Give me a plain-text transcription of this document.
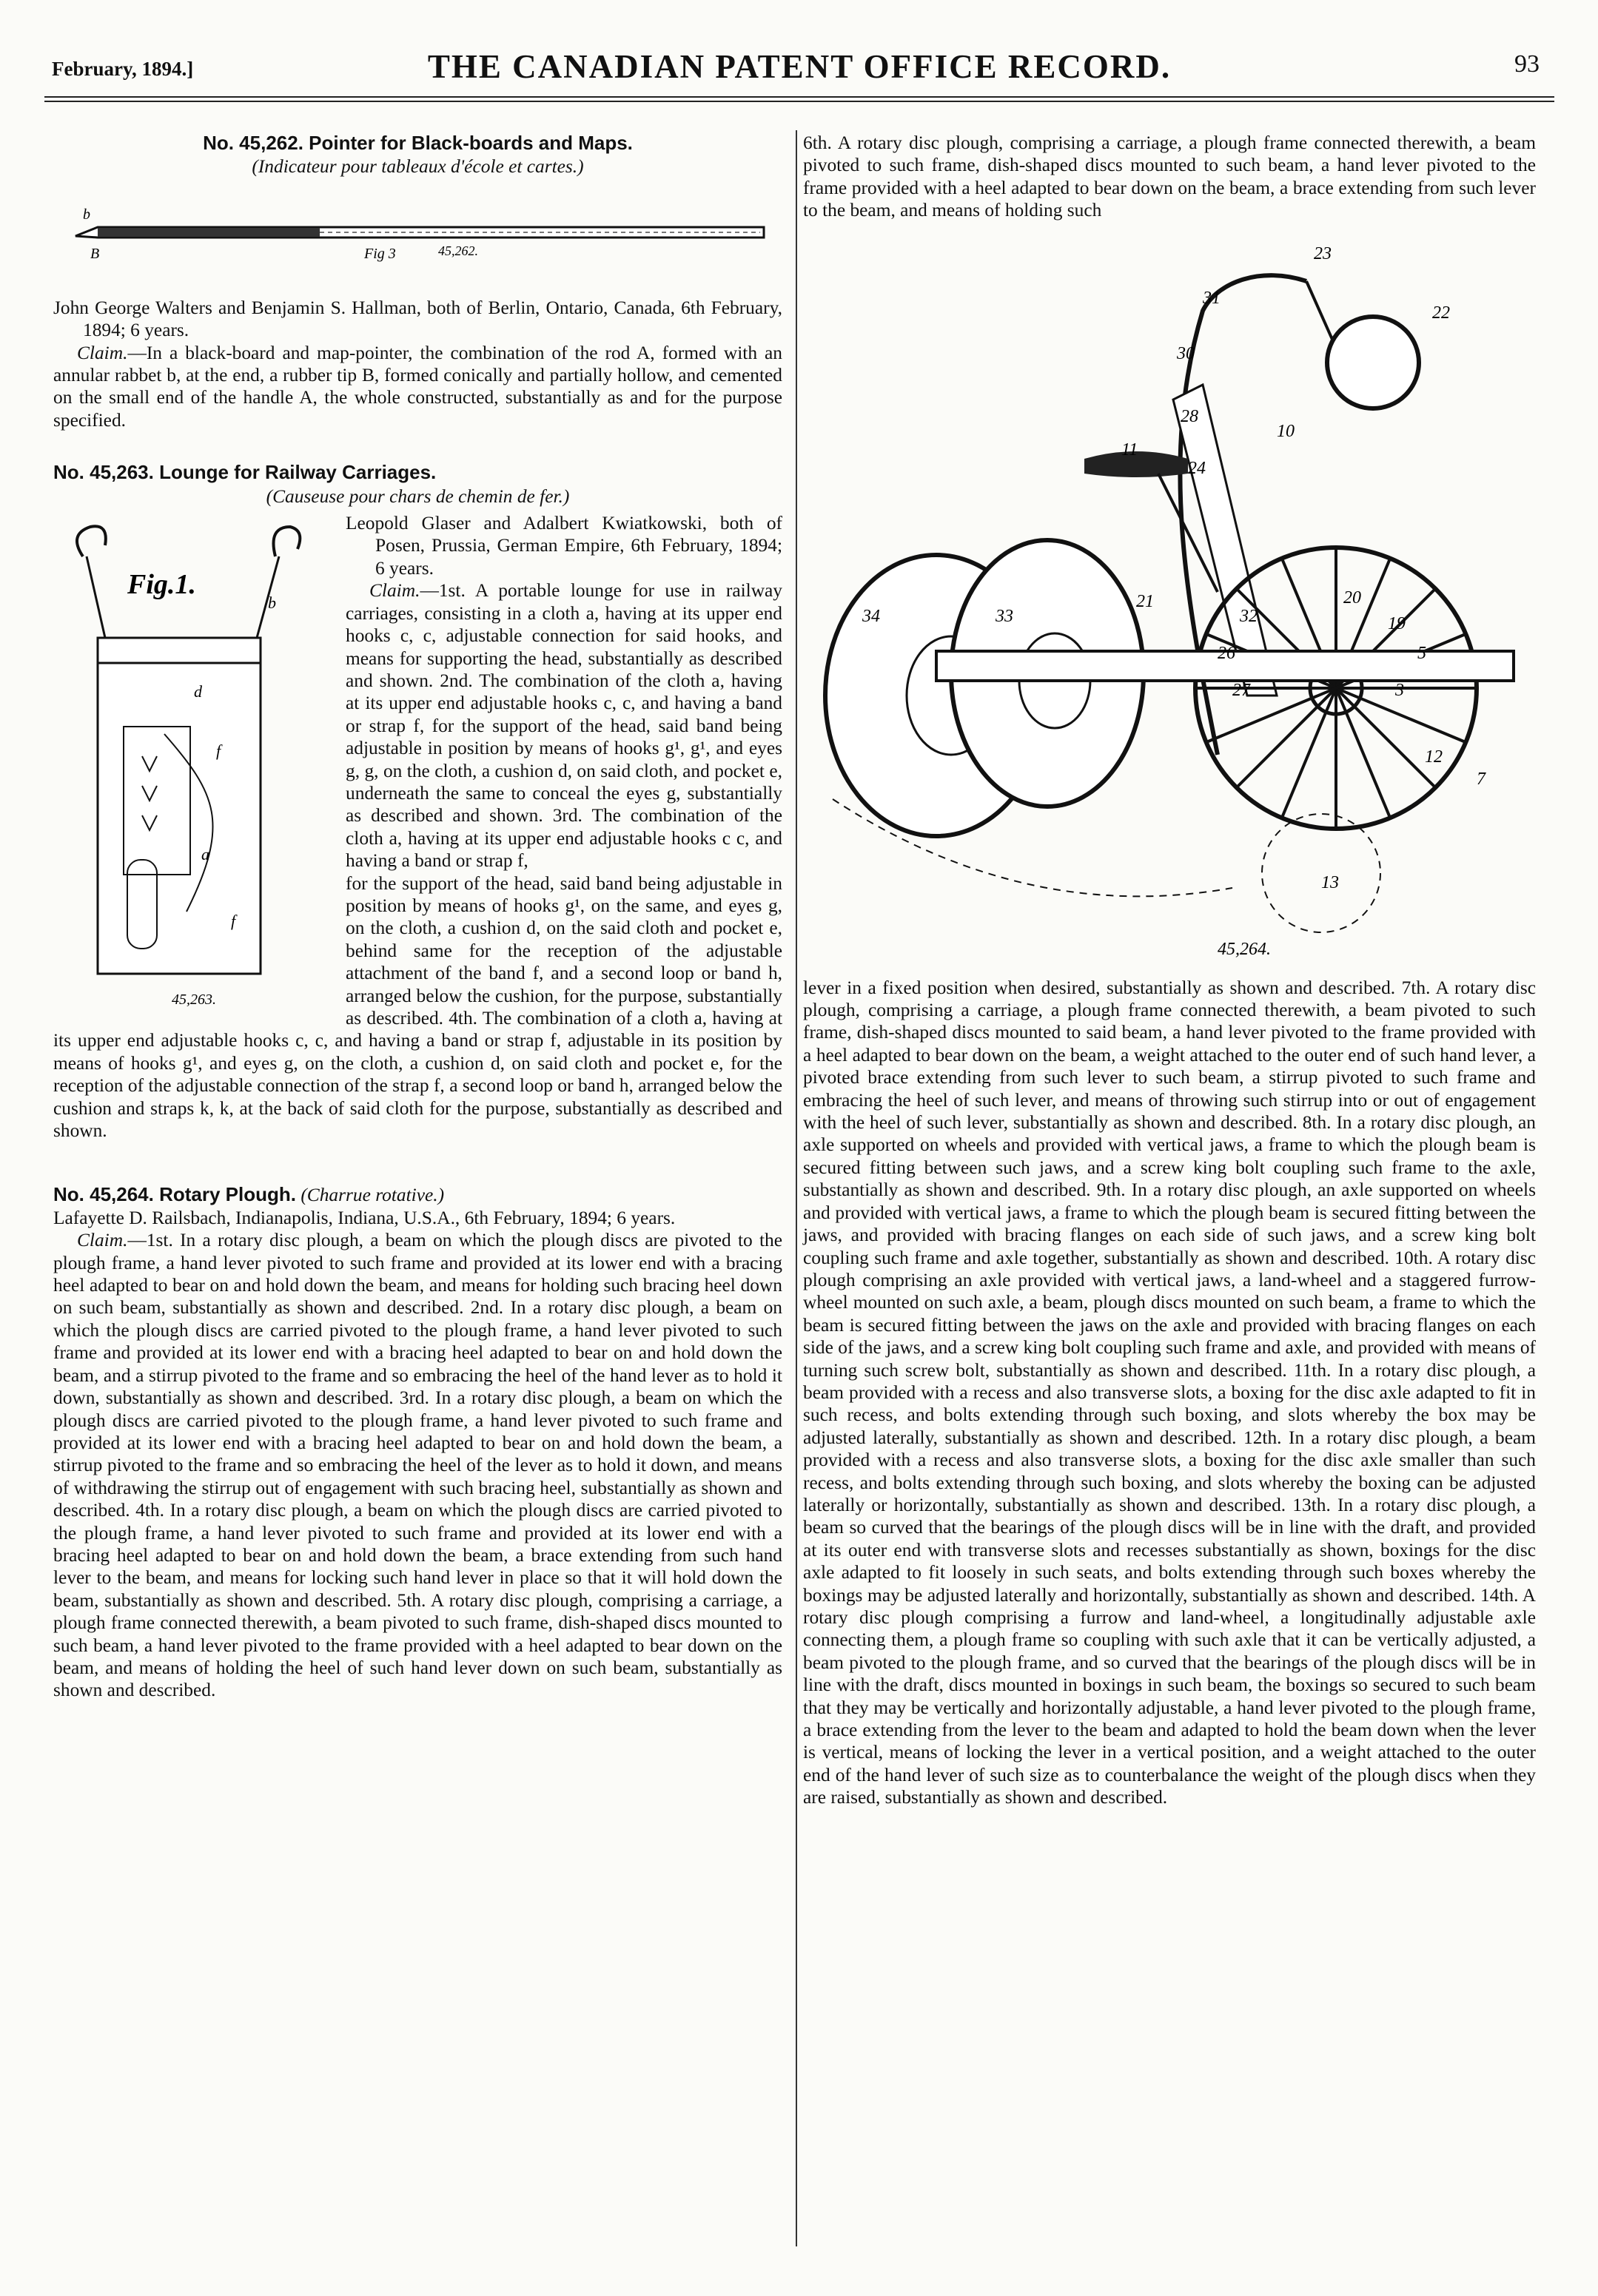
February, 1894.]	THE CANADIAN PATENT OFFICE RECORD.	93
No. 45,262. Pointer for Black-boards and Maps.
(Indicateur pour tableaux d'école et cartes.)
b
B	Fig 3	45,262.
John George Walters and Benjamin S. Hallman, both of Berlin, Ontario, Canada, 6th February, 1894; 6 years.

Claim.—In a black-board and map-pointer, the combination of the rod A, formed with an annular rabbet b, at the end, a rubber tip B, formed conically and partially hollow, and cemented on the small end of the handle A, the whole constructed, substantially as and for the purpose specified.

No. 45,263. Lounge for Railway Carriages.
(Causeuse pour chars de chemin de fer.)
Fig.1.
b
d
f
a
f
45,263.
Leopold Glaser and Adalbert Kwiatkowski, both of Posen, Prussia, German Empire, 6th February, 1894; 6 years.

Claim.—1st. A portable lounge for use in railway carriages, consisting in a cloth a, having at its upper end hooks c, c, adjustable connection for said hooks, and means for supporting the head, substantially as described and shown. 2nd. The combination of the cloth a, having at its upper end adjustable hooks c, c, and having a band or strap f, for the support of the head, said band being adjustable in position by means of hooks g¹, g¹, and eyes g, g, on the cloth, a cushion d, on said cloth, and pocket e, underneath the same to conceal the eyes g, substantially as described and shown. 3rd. The combination of the cloth a, having at its upper end adjustable hooks c c, and having a band or strap f,

for the support of the head, said band being adjustable in position by means of hooks g¹, on the same, and eyes g, on the cloth, a cushion d, on the said cloth and pocket e, behind same for the reception of the adjustable attachment of the band f, and a second loop or band h, arranged below the cushion, for the purpose, substantially as described. 4th. The combination of a cloth a, having at its upper end adjustable hooks c, c, and having a band or strap f, adjustable in its position by means of hooks g¹, and eyes g, on the cloth, a cushion d, on said cloth and pocket e, for the reception of the adjustable connection of the strap f, a second loop or band h, arranged below the cushion and straps k, k, at the back of said cloth for the purpose, substantially as described and shown.
No. 45,264. Rotary Plough. (Charrue rotative.)
Lafayette D. Railsbach, Indianapolis, Indiana, U.S.A., 6th February, 1894; 6 years.

Claim.—1st. In a rotary disc plough, a beam on which the plough discs are pivoted to the plough frame, a hand lever pivoted to such frame and provided at its lower end with a bracing heel adapted to bear on and hold down the beam, and means for holding such bracing heel down on such beam, substantially as shown and described. 2nd. In a rotary disc plough, a beam on which the plough discs are carried pivoted to the plough frame, a hand lever pivoted to such frame and provided at its lower end with a bracing heel adapted to bear on and hold down the beam, and a stirrup pivoted to the frame and so embracing the heel of the hand lever as to hold it down, substantially as shown and described. 3rd. In a rotary disc plough, a beam on which the plough discs are carried pivoted to the plough frame, a hand lever pivoted to such frame and provided at its lower end with a bracing heel adapted to bear on and hold down the beam, a stirrup pivoted to the frame and so embracing the heel of the lever as to hold it down, and means of withdrawing the stirrup out of engagement with such bracing heel, substantially as shown and described. 4th. In a rotary disc plough, a beam on which the plough discs are carried pivoted to the plough frame, a hand lever pivoted to such frame and provided at its lower end with a bracing heel adapted to bear on and hold down the beam, a brace extending from such hand lever to the beam, and means for locking such hand lever in place so that it will hold down the beam, substantially as shown and described. 5th. A rotary disc plough, comprising a carriage, a plough frame connected therewith, a beam pivoted to such frame, dish-shaped discs mounted to such beam, a hand lever pivoted to the frame provided with a heel adapted to bear down on the beam, and means of holding the heel of such hand lever down on such beam, substantially as shown and described.

6th. A rotary disc plough, comprising a carriage, a plough frame connected therewith, a beam pivoted to such frame, dish-shaped discs mounted to such beam, a hand lever pivoted to the frame provided with a heel adapted to bear down on the beam, a brace extending from such lever to the beam, and means of holding such
23
31
22
30
28
10
11
24
21	20
32	19
34	33
26	5
27	3
12
7
13
45,264.
lever in a fixed position when desired, substantially as shown and described. 7th. A rotary disc plough, comprising a carriage, a plough frame connected therewith, a beam pivoted to such frame, dish-shaped discs mounted to said beam, a hand lever pivoted to the frame provided with a heel adapted to bear down on the beam, a weight attached to the outer end of such hand lever, a pivoted brace extending from such lever to such beam, a stirrup pivoted to such frame and embracing the heel of such lever, and means of throwing such stirrup into or out of engagement with the heel of such lever, substantially as shown and described. 8th. In a rotary disc plough, an axle supported on wheels and provided with vertical jaws, a frame to which the plough beam is secured fitting between such jaws, and a screw king bolt coupling such frame to the axle, substantially as shown and described. 9th. In a rotary disc plough, an axle supported on wheels and provided with vertical jaws, a frame to which the plough beam is secured fitting between the jaws, and provided with bracing flanges on each side of such jaws, and a screw king bolt coupling such frame and axle together, substantially as shown and described. 10th. A rotary disc plough comprising an axle provided with vertical jaws, a land-wheel and a staggered furrow-wheel mounted on such axle, a beam, plough discs mounted on such beam, a frame to which the beam is secured fitting between the jaws on the axle and provided with bracing flanges on each side of the jaws, and a screw king bolt coupling such frame and axle, and provided with means of turning such screw bolt, substantially as shown and described. 11th. In a rotary disc plough, a beam provided with a recess and also transverse slots, a boxing for the disc axle adapted to fit in such recess, and bolts extending through such boxing, and slots whereby the box may be adjusted laterally, substantially as shown and described. 12th. In a rotary disc plough, a beam provided with a recess and also transverse slots, a boxing for the disc axle smaller than such recess, and bolts extending through such boxing, and slots whereby the boxing can be adjusted laterally or horizontally, substantially as shown and described. 13th. In a rotary disc plough, a beam so curved that the bearings of the plough discs will be in line with the draft, and provided at its outer end with transverse slots and recesses substantially as shown, boxings for the disc axle adapted to fit loosely in such seats, and bolts extending through such boxes whereby the boxings may be adjusted laterally and horizontally, substantially as shown and described. 14th. A rotary disc plough comprising a furrow and land-wheel, a longitudinally adjustable axle connecting them, a plough frame so coupling with such axle that it can be vertically adjusted, a beam pivoted to the plough frame, and so curved that the bearings of the plough discs will be in line with the draft, discs mounted in boxings in such beam, the boxings so secured to such beam that they may be vertically and horizontally adjustable, a hand lever pivoted to the plough frame, a brace extending from the lever to the beam and adapted to hold the beam down when the lever is vertical, means of locking the lever in a vertical position, and a weight attached to the outer end of the hand lever of such size as to counterbalance the weight of the plough discs when they are raised, substantially as shown and described.
